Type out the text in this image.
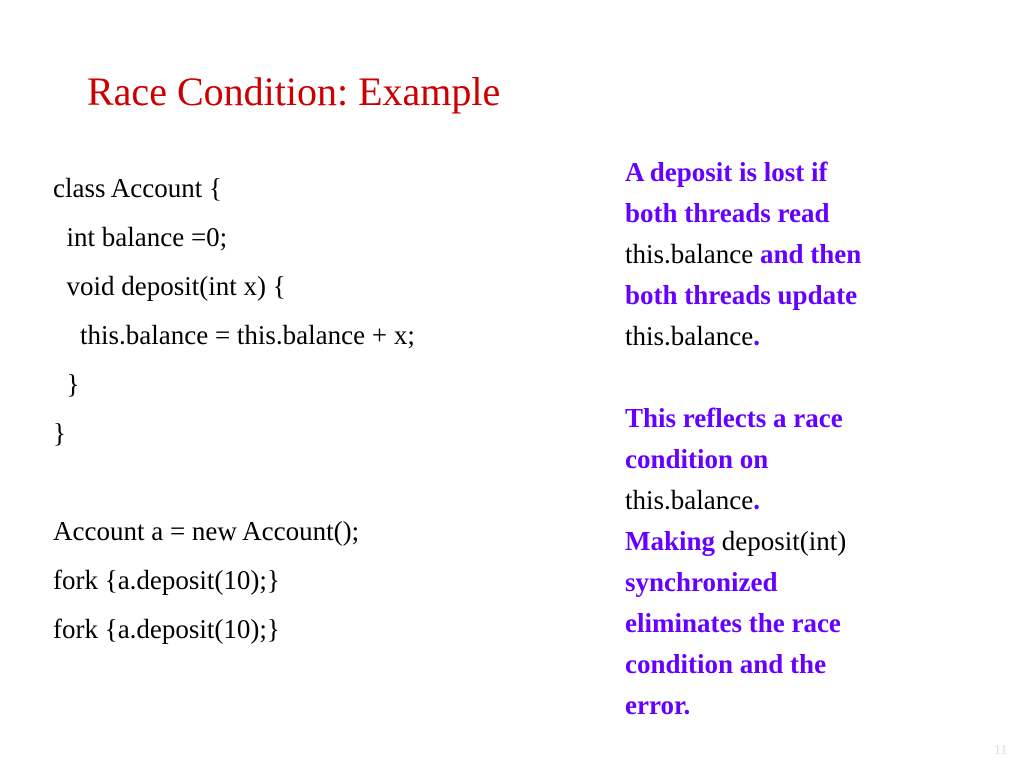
Race Condition: Example
class Account {
int balance =0;
void deposit(int x) {
this.balance = this.balance + x;
}
}
Account a = new Account();
fork {a.deposit(10);}
fork {a.deposit(10);}
A deposit is lost if
both threads read
this.balance and then
both threads update
this.balance.
This reflects a race
condition on
this.balance.
Making deposit(int)
synchronized
eliminates the race
condition and the
error.
11
